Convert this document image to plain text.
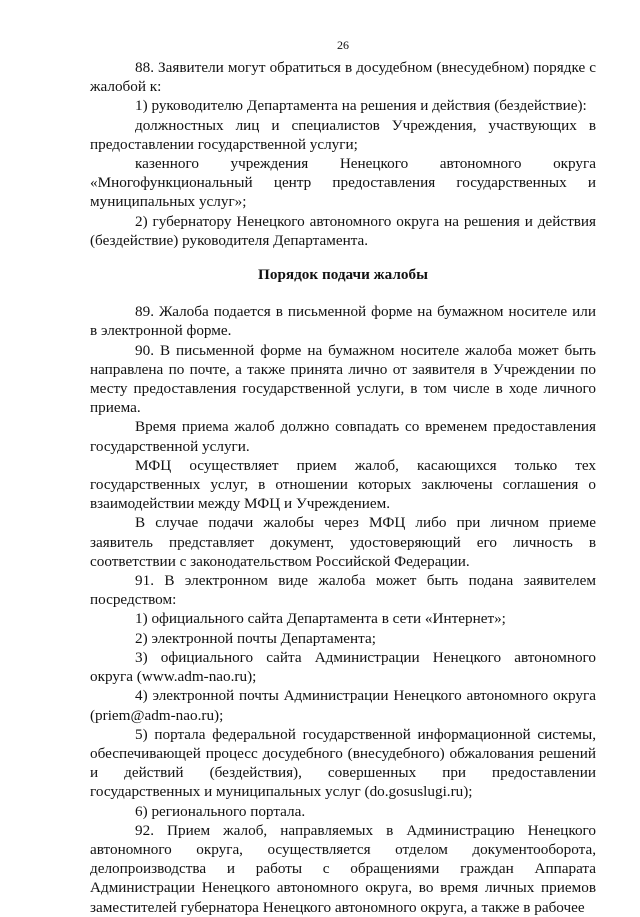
26

88. Заявители могут обратиться в досудебном (внесудебном) порядке с жалобой к:

1) руководителю Департамента на решения и действия (бездействие):

должностных лиц и специалистов Учреждения, участвующих в предоставлении государственной услуги;

казенного учреждения Ненецкого автономного округа «Многофункциональный центр предоставления государственных и муниципальных услуг»;

2) губернатору Ненецкого автономного округа на решения и действия (бездействие) руководителя Департамента.

Порядок подачи жалобы

89. Жалоба подается в письменной форме на бумажном носителе или в электронной форме.

90. В письменной форме на бумажном носителе жалоба может быть направлена по почте, а также принята лично от заявителя в Учреждении по месту предоставления государственной услуги, в том числе в ходе личного приема.

Время приема жалоб должно совпадать со временем предоставления государственной услуги.

МФЦ осуществляет прием жалоб, касающихся только тех государственных услуг, в отношении которых заключены соглашения о взаимодействии между МФЦ и Учреждением.

В случае подачи жалобы через МФЦ либо при личном приеме заявитель представляет документ, удостоверяющий его личность в соответствии с законодательством Российской Федерации.

91. В электронном виде жалоба может быть подана заявителем посредством:

1) официального сайта Департамента в сети «Интернет»;

2) электронной почты Департамента;

3) официального сайта Администрации Ненецкого автономного округа (www.adm-nao.ru);

4) электронной почты Администрации Ненецкого автономного округа (priem@adm-nao.ru);

5) портала федеральной государственной информационной системы, обеспечивающей процесс досудебного (внесудебного) обжалования решений и действий (бездействия), совершенных при предоставлении государственных и муниципальных услуг (do.gosuslugi.ru);

6) регионального портала.

92. Прием жалоб, направляемых в Администрацию Ненецкого автономного округа, осуществляется отделом документооборота, делопроизводства и работы с обращениями граждан Аппарата Администрации Ненецкого автономного округа, во время личных приемов заместителей губернатора Ненецкого автономного округа, а также в рабочее
